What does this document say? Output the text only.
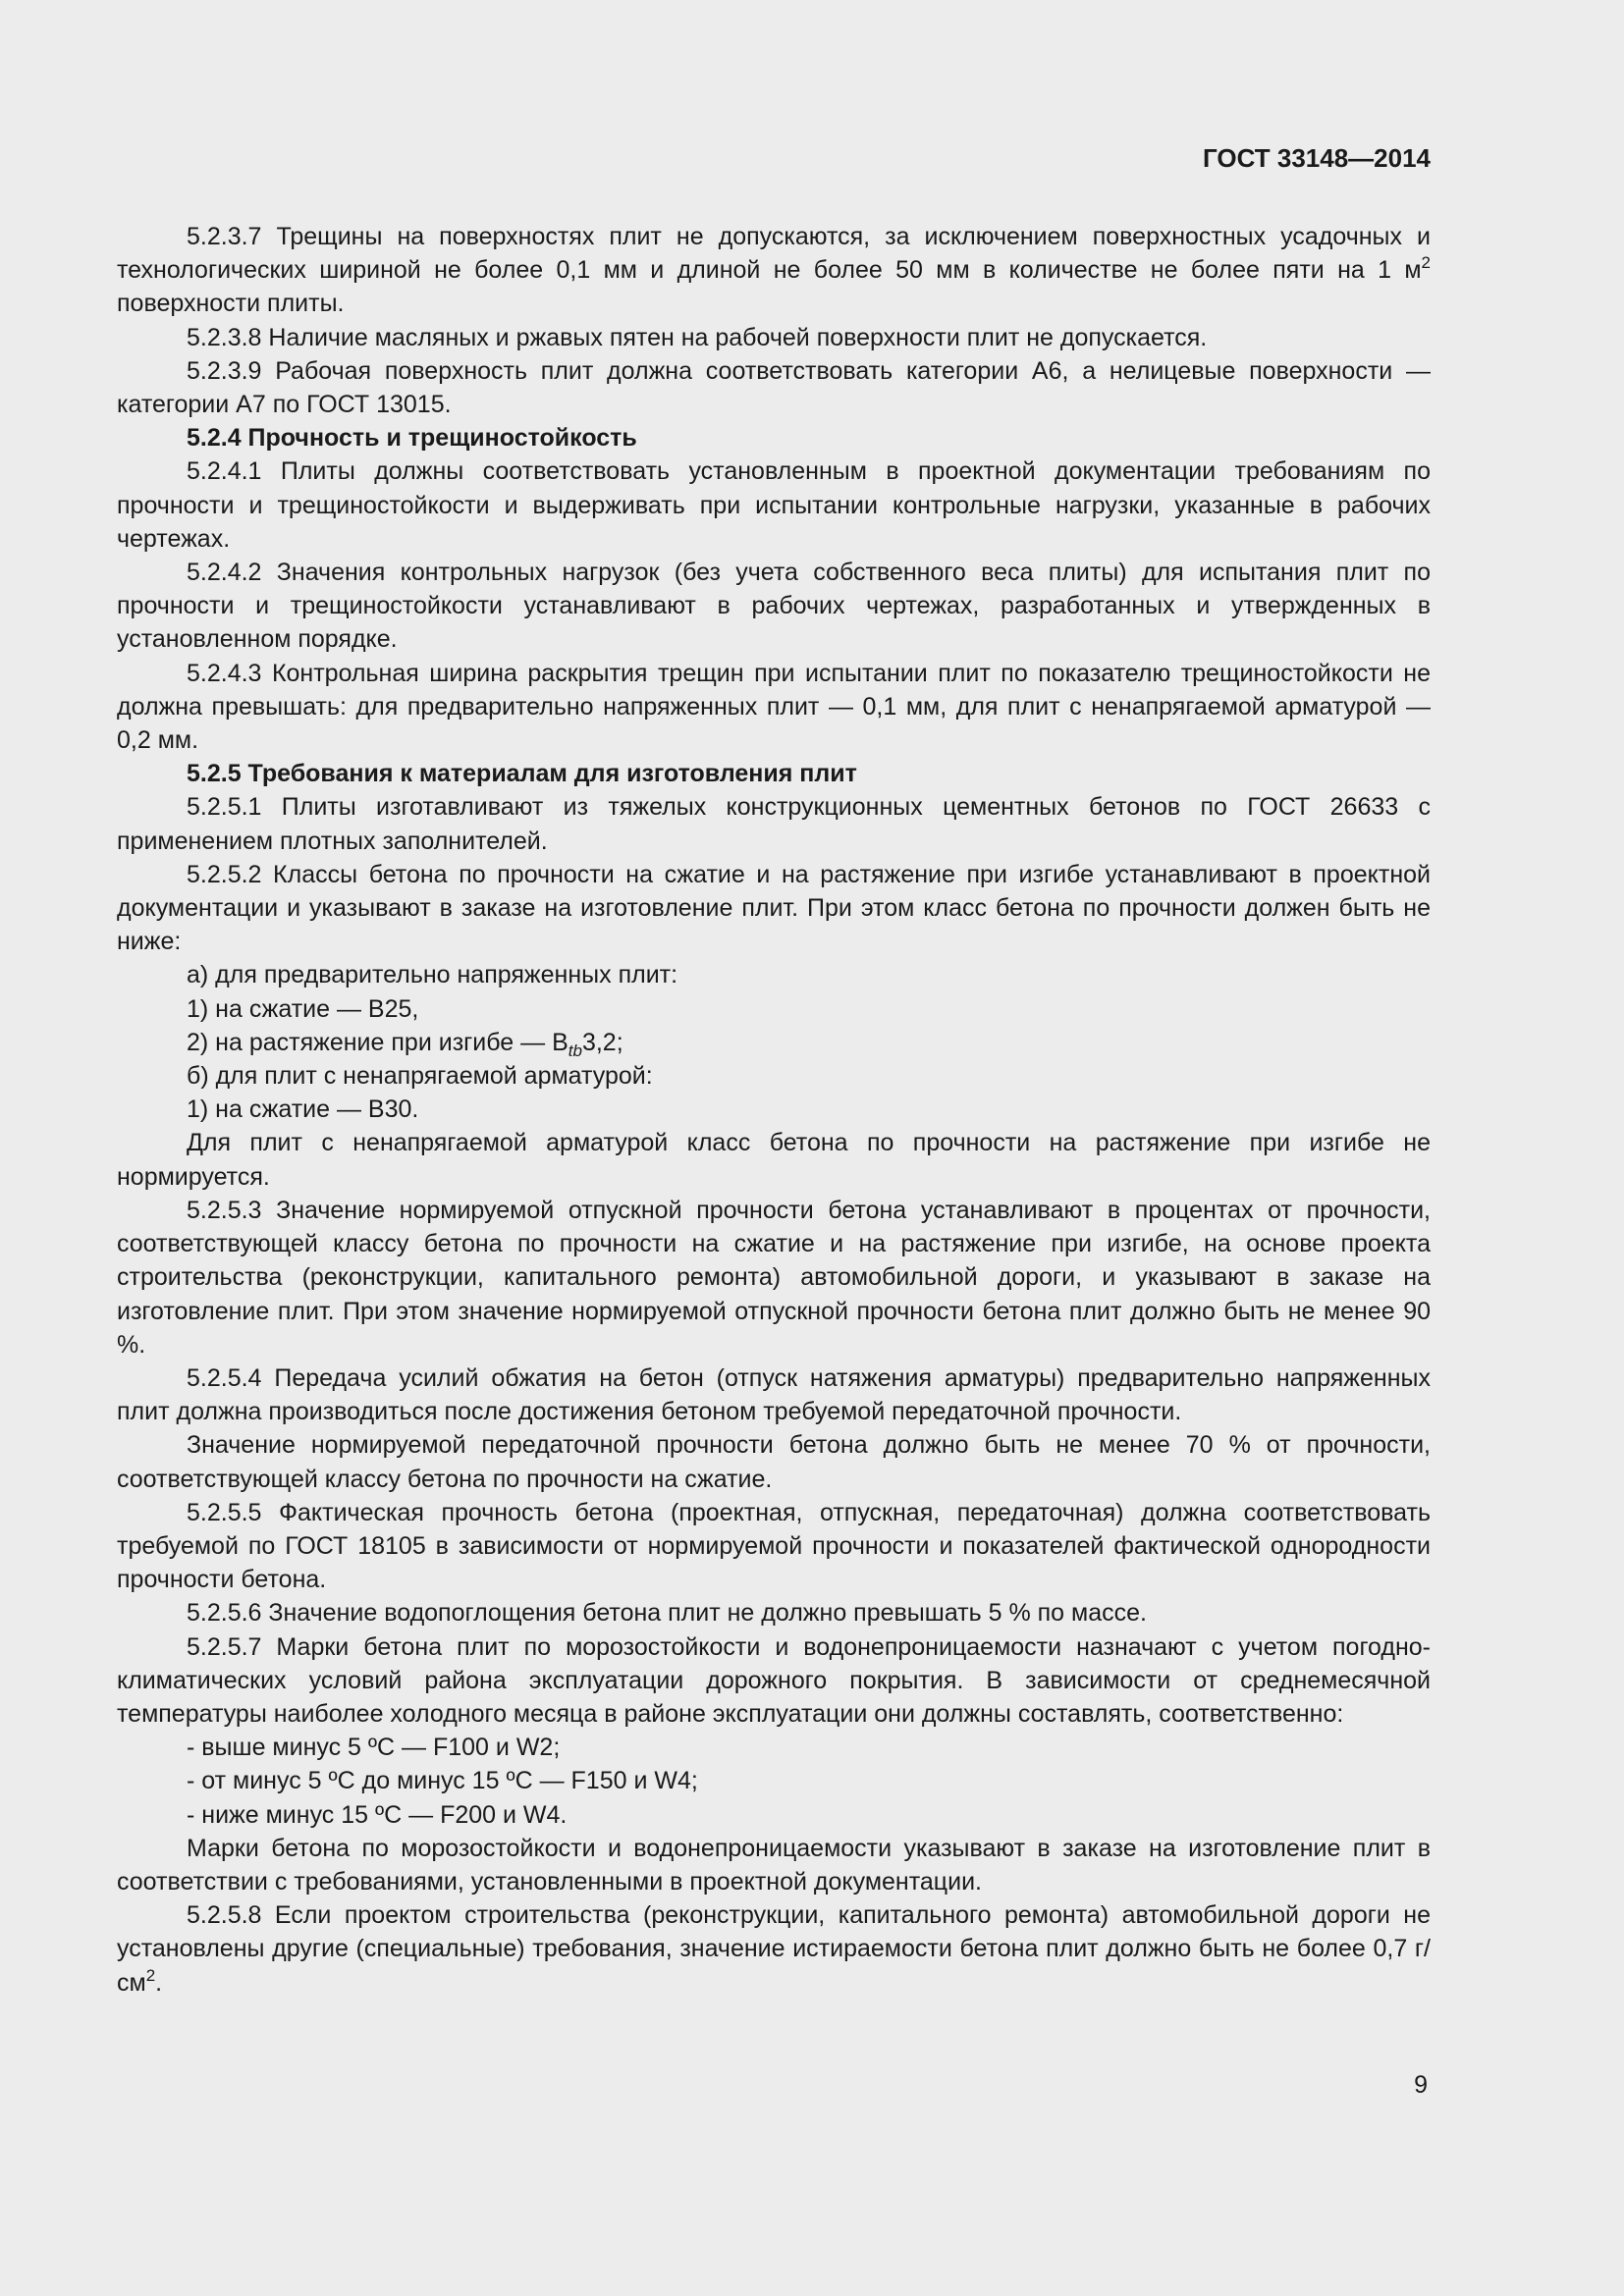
ГОСТ 33148—2014

5.2.3.7 Трещины на поверхностях плит не допускаются, за исключением поверхностных усадочных и технологических шириной не более 0,1 мм и длиной не более 50 мм в количестве не более пяти на 1 $м^2$ поверхности плиты.

5.2.3.8 Наличие масляных и ржавых пятен на рабочей поверхности плит не допускается.

5.2.3.9 Рабочая поверхность плит должна соответствовать категории А6, а нелицевые поверхности — категории А7 по ГОСТ 13015.

5.2.4 Прочность и трещиностойкость

5.2.4.1 Плиты должны соответствовать установленным в проектной документации требованиям по прочности и трещиностойкости и выдерживать при испытании контрольные нагрузки, указанные в рабочих чертежах.

5.2.4.2 Значения контрольных нагрузок (без учета собственного веса плиты) для испытания плит по прочности и трещиностойкости устанавливают в рабочих чертежах, разработанных и утвержденных в установленном порядке.

5.2.4.3 Контрольная ширина раскрытия трещин при испытании плит по показателю трещиностойкости не должна превышать: для предварительно напряженных плит — 0,1 мм, для плит с ненапрягаемой арматурой — 0,2 мм.

5.2.5 Требования к материалам для изготовления плит

5.2.5.1 Плиты изготавливают из тяжелых конструкционных цементных бетонов по ГОСТ 26633 с применением плотных заполнителей.

5.2.5.2 Классы бетона по прочности на сжатие и на растяжение при изгибе устанавливают в проектной документации и указывают в заказе на изготовление плит. При этом класс бетона по прочности должен быть не ниже:

а) для предварительно напряженных плит:

1) на сжатие — В25,

2) на растяжение при изгибе — $В_{tb}3,2$;

б) для плит с ненапрягаемой арматурой:

1) на сжатие — В30.

Для плит с ненапрягаемой арматурой класс бетона по прочности на растяжение при изгибе не нормируется.

5.2.5.3 Значение нормируемой отпускной прочности бетона устанавливают в процентах от прочности, соответствующей классу бетона по прочности на сжатие и на растяжение при изгибе, на основе проекта строительства (реконструкции, капитального ремонта) автомобильной дороги, и указывают в заказе на изготовление плит. При этом значение нормируемой отпускной прочности бетона плит должно быть не менее 90 %.

5.2.5.4 Передача усилий обжатия на бетон (отпуск натяжения арматуры) предварительно напряженных плит должна производиться после достижения бетоном требуемой передаточной прочности.

Значение нормируемой передаточной прочности бетона должно быть не менее 70 % от прочности, соответствующей классу бетона по прочности на сжатие.

5.2.5.5 Фактическая прочность бетона (проектная, отпускная, передаточная) должна соответствовать требуемой по ГОСТ 18105 в зависимости от нормируемой прочности и показателей фактической однородности прочности бетона.

5.2.5.6 Значение водопоглощения бетона плит не должно превышать 5 % по массе.

5.2.5.7 Марки бетона плит по морозостойкости и водонепроницаемости назначают с учетом погодно-климатических условий района эксплуатации дорожного покрытия. В зависимости от среднемесячной температуры наиболее холодного месяца в районе эксплуатации они должны составлять, соответственно:

- выше минус 5 ºС — F100 и W2;

- от минус 5 ºС до минус 15 ºС — F150 и W4;

- ниже минус 15 ºС — F200 и W4.

Марки бетона по морозостойкости и водонепроницаемости указывают в заказе на изготовление плит в соответствии с требованиями, установленными в проектной документации.

5.2.5.8 Если проектом строительства (реконструкции, капитального ремонта) автомобильной дороги не установлены другие (специальные) требования, значение истираемости бетона плит должно быть не более 0,7 $г/см^2$.

9
